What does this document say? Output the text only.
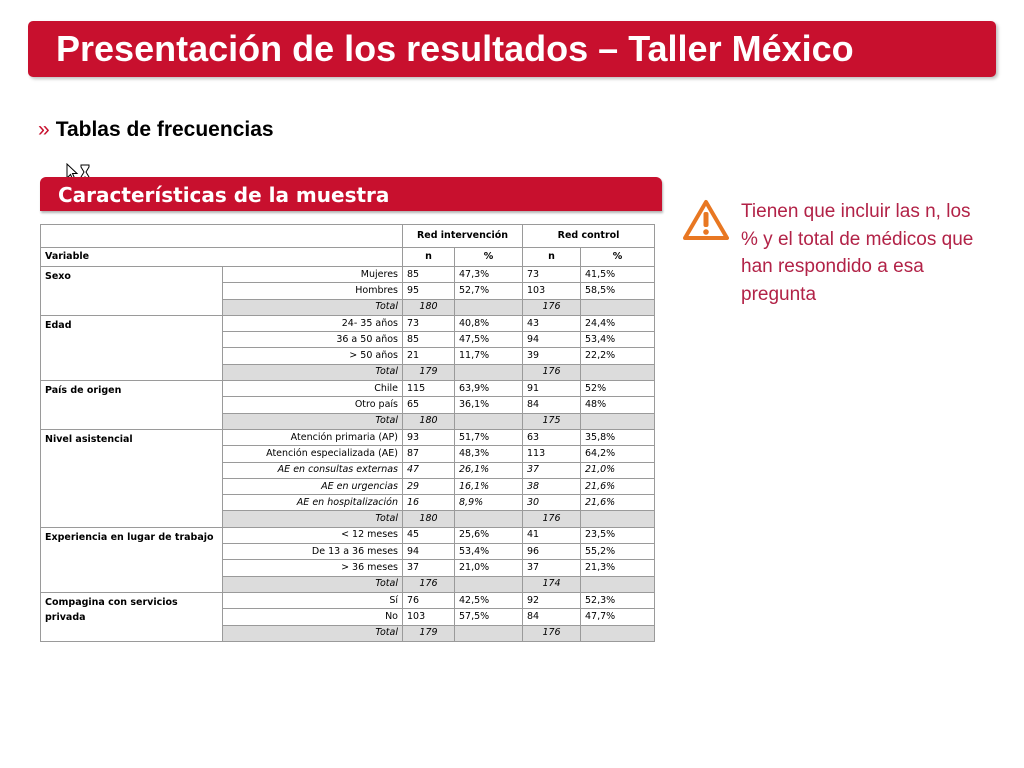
Presentación de los resultados – Taller México
» Tablas de frecuencias
Características de la muestra
		Red intervención		Red control	
Variable		n	%	n	%
Sexo	Mujeres	85	47,3%	73	41,5%
	Hombres	95	52,7%	103	58,5%
	Total	180		176	
Edad	24- 35 años	73	40,8%	43	24,4%
	36 a 50 años	85	47,5%	94	53,4%
	> 50 años	21	11,7%	39	22,2%
	Total	179		176	
País de origen	Chile	115	63,9%	91	52%
	Otro país	65	36,1%	84	48%
	Total	180		175	
Nivel asistencial	Atención primaria (AP)	93	51,7%	63	35,8%
	Atención especializada (AE)	87	48,3%	113	64,2%
	AE en consultas externas	47	26,1%	37	21,0%
	AE en urgencias	29	16,1%	38	21,6%
	AE en hospitalización	16	8,9%	30	21,6%
	Total	180		176	
Experiencia en lugar de trabajo	< 12 meses	45	25,6%	41	23,5%
	De 13 a 36 meses	94	53,4%	96	55,2%
	> 36 meses	37	21,0%	37	21,3%
	Total	176		174	
Compagina con servicios privada	Sí	76	42,5%	92	52,3%
	No	103	57,5%	84	47,7%
	Total	179		176	
Tienen que incluir las n, los % y el total de médicos que han respondido a esa pregunta
